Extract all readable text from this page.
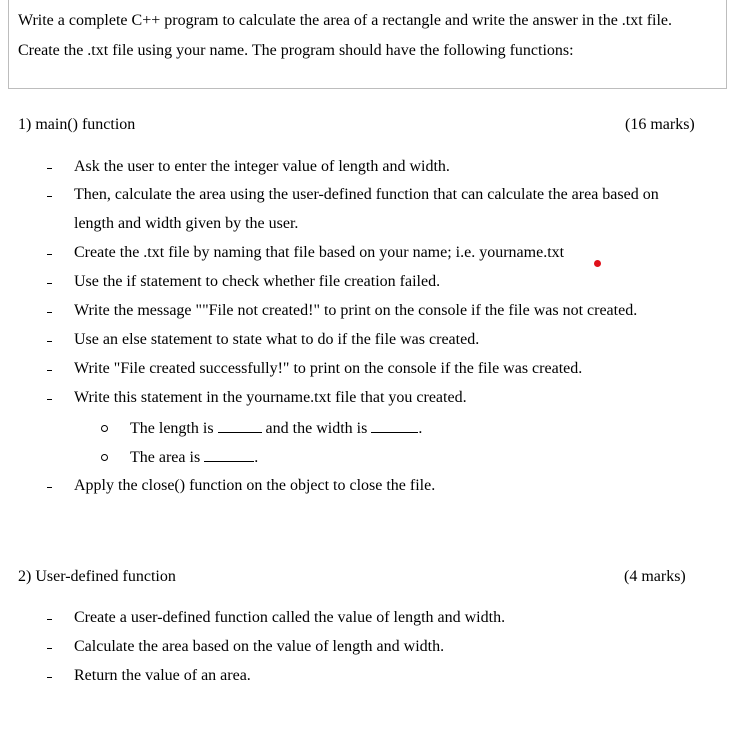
Write a complete C++ program to calculate the area of a rectangle and write the answer in the .txt file.
Create the .txt file using your name. The program should have the following functions:
1) main() function	(16 marks)
Ask the user to enter the integer value of length and width.
Then, calculate the area using the user-defined function that can calculate the area based on
length and width given by the user.
Create the .txt file by naming that file based on your name; i.e. yourname.txt
Use the if statement to check whether file creation failed.
Write the message ""File not created!" to print on the console if the file was not created.
Use an else statement to state what to do if the file was created.
Write "File created successfully!" to print on the console if the file was created.
Write this statement in the yourname.txt file that you created.
The length is	and the width is	.
The area is	.
Apply the close() function on the object to close the file.
2) User-defined function	(4 marks)
Create a user-defined function called the value of length and width.
Calculate the area based on the value of length and width.
Return the value of an area.
